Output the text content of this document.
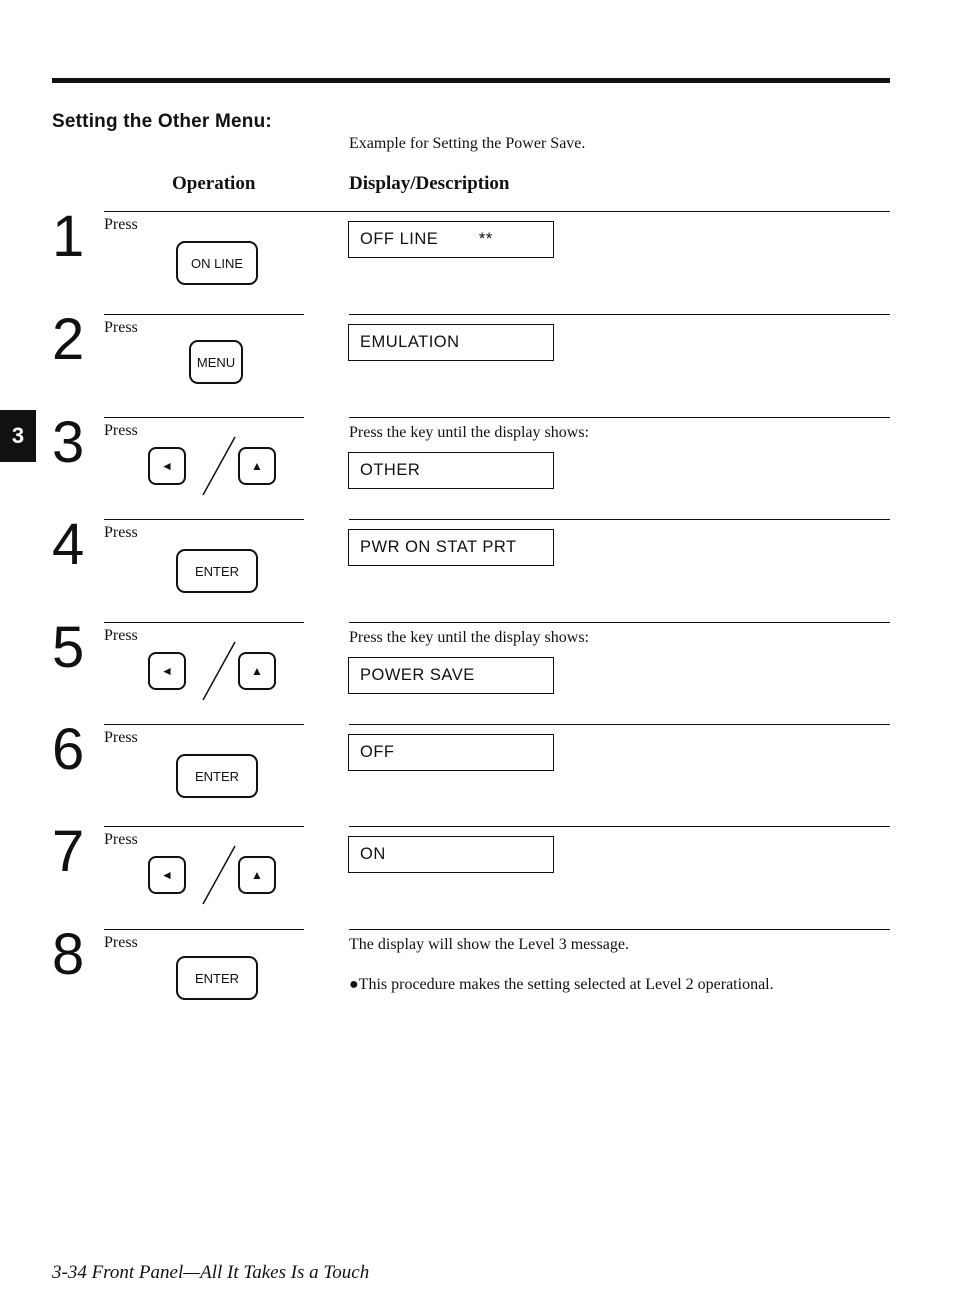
Setting the Other Menu:
Example for Setting the Power Save.
Operation	Display/Description
3
1 Press
ON LINE
OFF LINE        **
2 Press
MENU
EMULATION
3 Press
◄	▲
Press the key until the display shows:
OTHER
4 Press
ENTER
PWR ON STAT PRT
5 Press
◄	▲
Press the key until the display shows:
POWER SAVE
6 Press
ENTER
OFF
7 Press
◄	▲
ON
8 Press
ENTER
The display will show the Level 3 message.
●This procedure makes the setting selected at Level 2 operational.
3-34 Front Panel—All It Takes Is a Touch
